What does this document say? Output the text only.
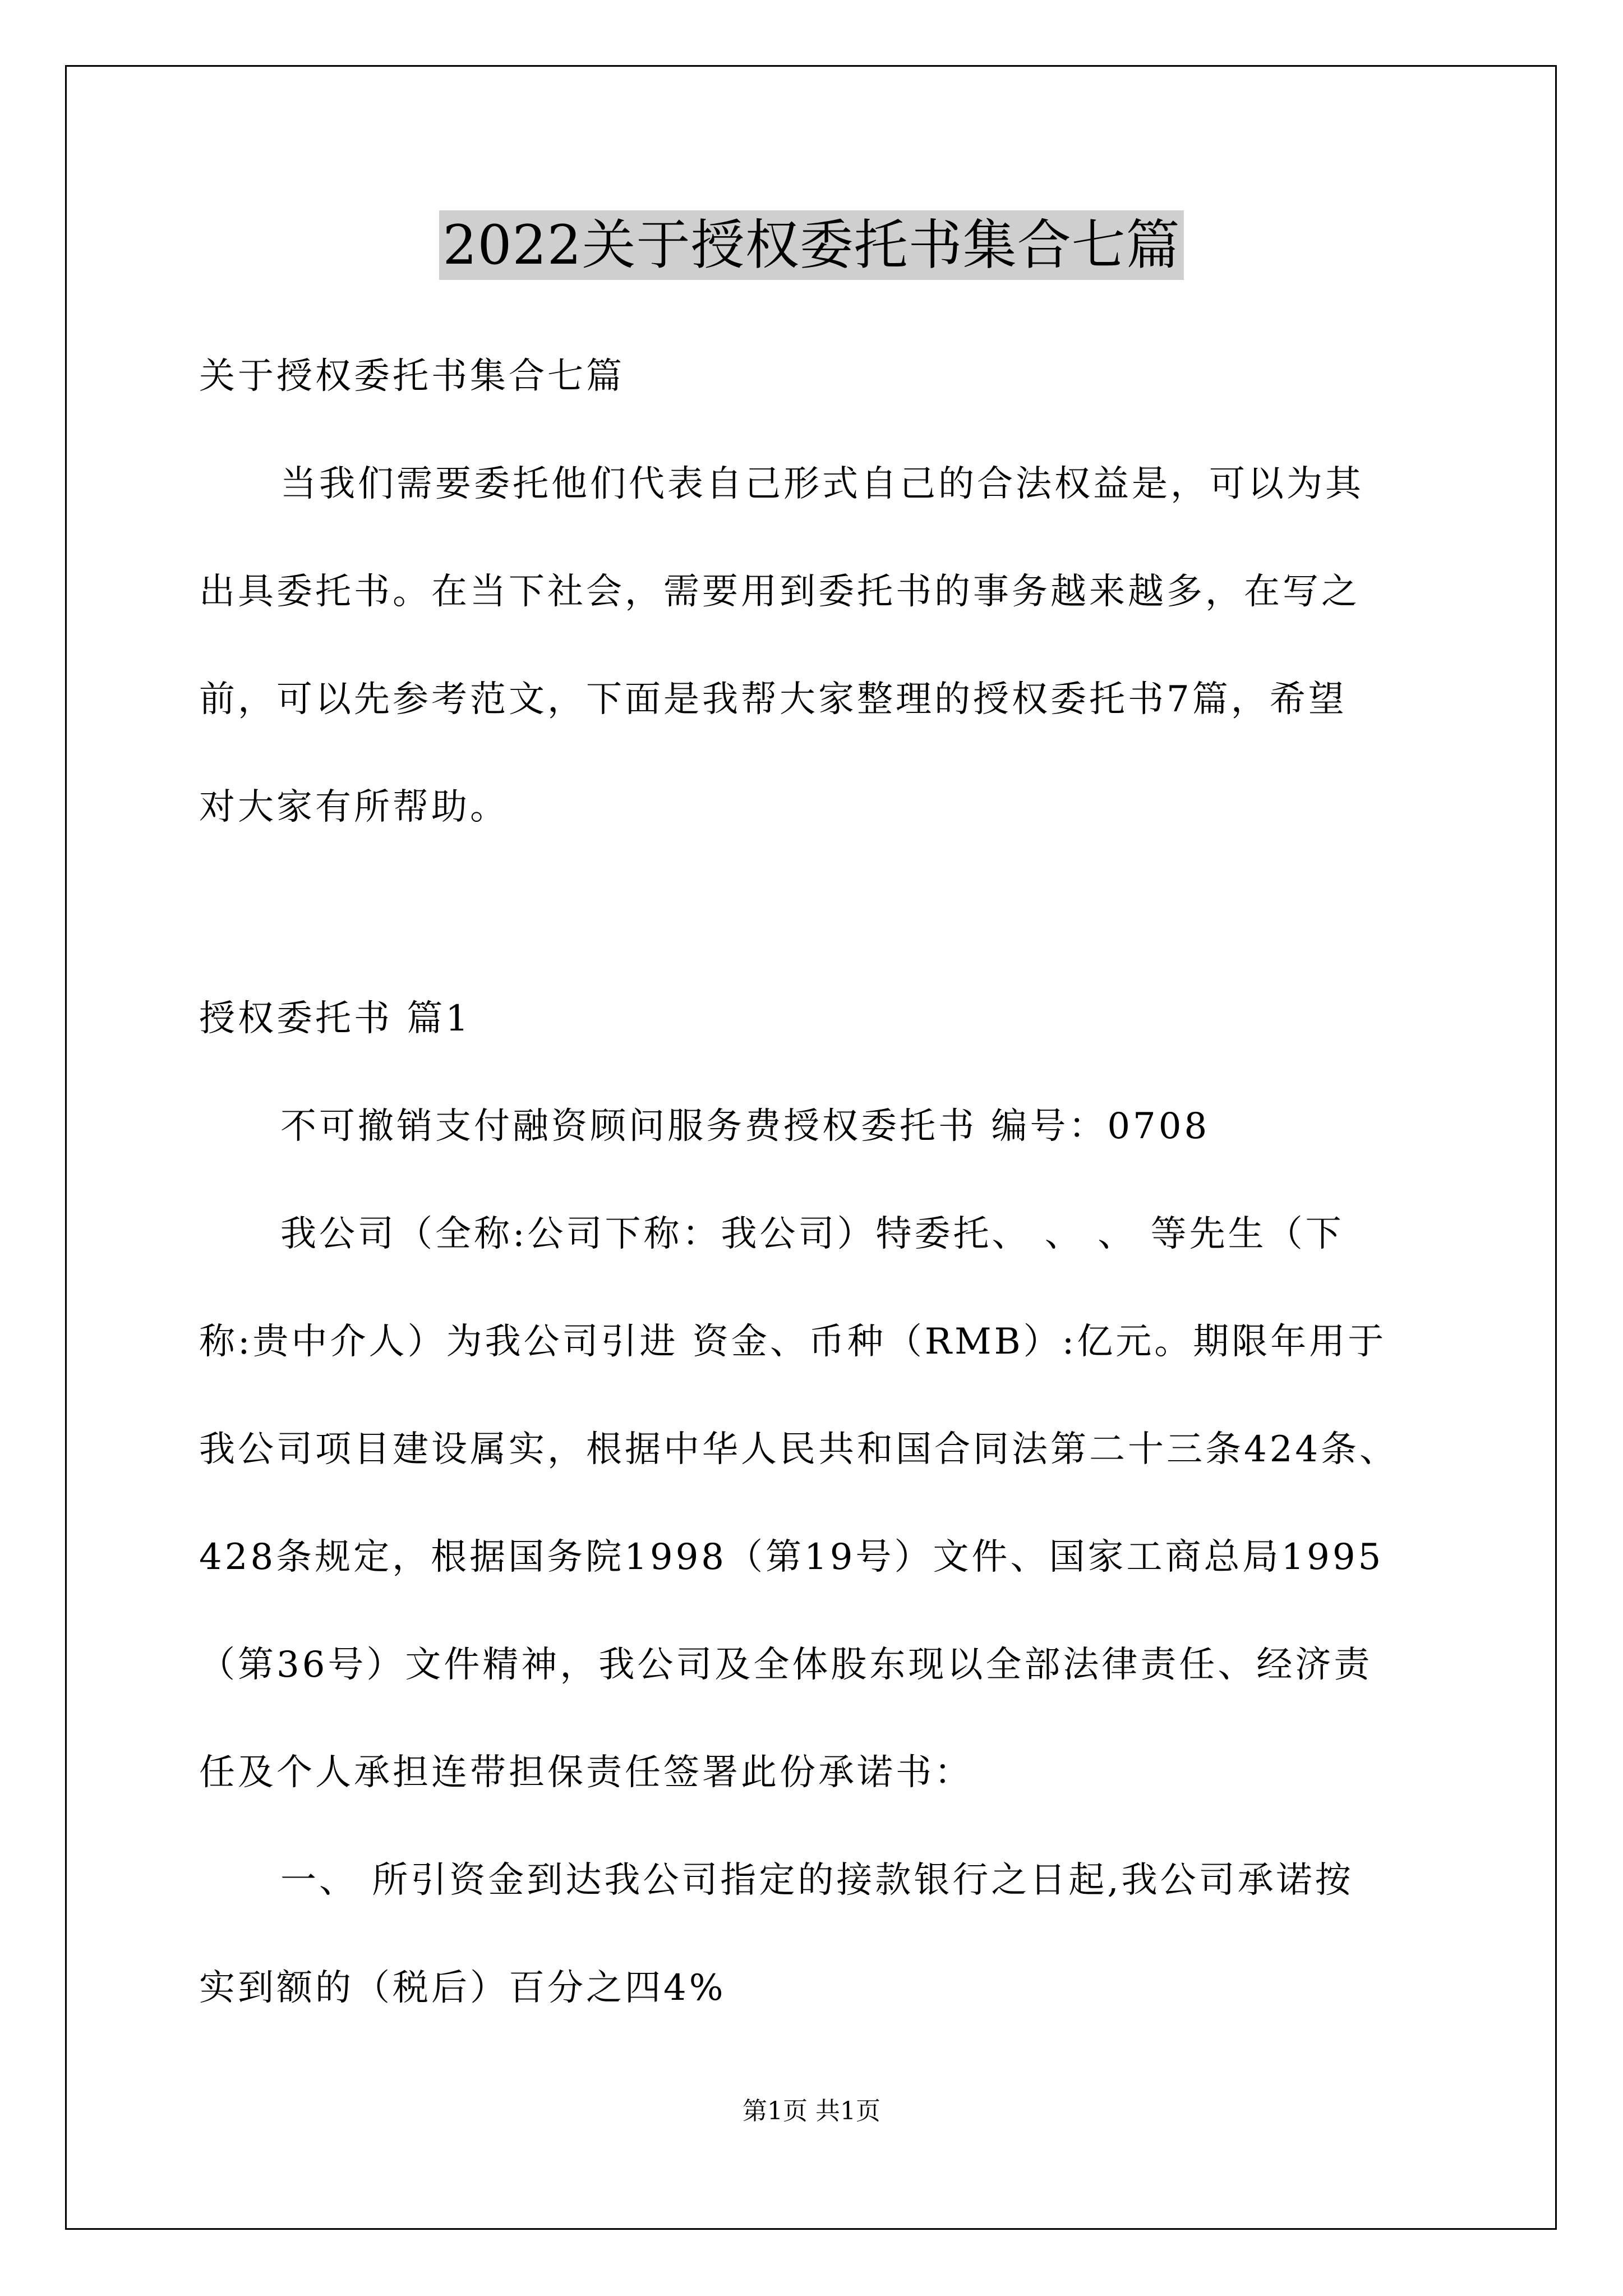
2022关于授权委托书集合七篇
关于授权委托书集合七篇
当我们需要委托他们代表自己形式自己的合法权益是，可以为其
出具委托书。在当下社会，需要用到委托书的事务越来越多，在写之
前，可以先参考范文，下面是我帮大家整理的授权委托书7篇，希望
对大家有所帮助。
授权委托书 篇1
不可撤销支付融资顾问服务费授权委托书 编号：0708
我公司（全称:公司下称：我公司）特委托、 、 、 等先生（下
称:贵中介人）为我公司引进 资金、币种（RMB）:亿元。期限年用于
我公司项目建设属实，根据中华人民共和国合同法第二十三条424条、
428条规定，根据国务院1998（第19号）文件、国家工商总局1995
（第36号）文件精神，我公司及全体股东现以全部法律责任、经济责
任及个人承担连带担保责任签署此份承诺书：
一、 所引资金到达我公司指定的接款银行之日起,我公司承诺按
实到额的（税后）百分之四4%
第1页 共1页
